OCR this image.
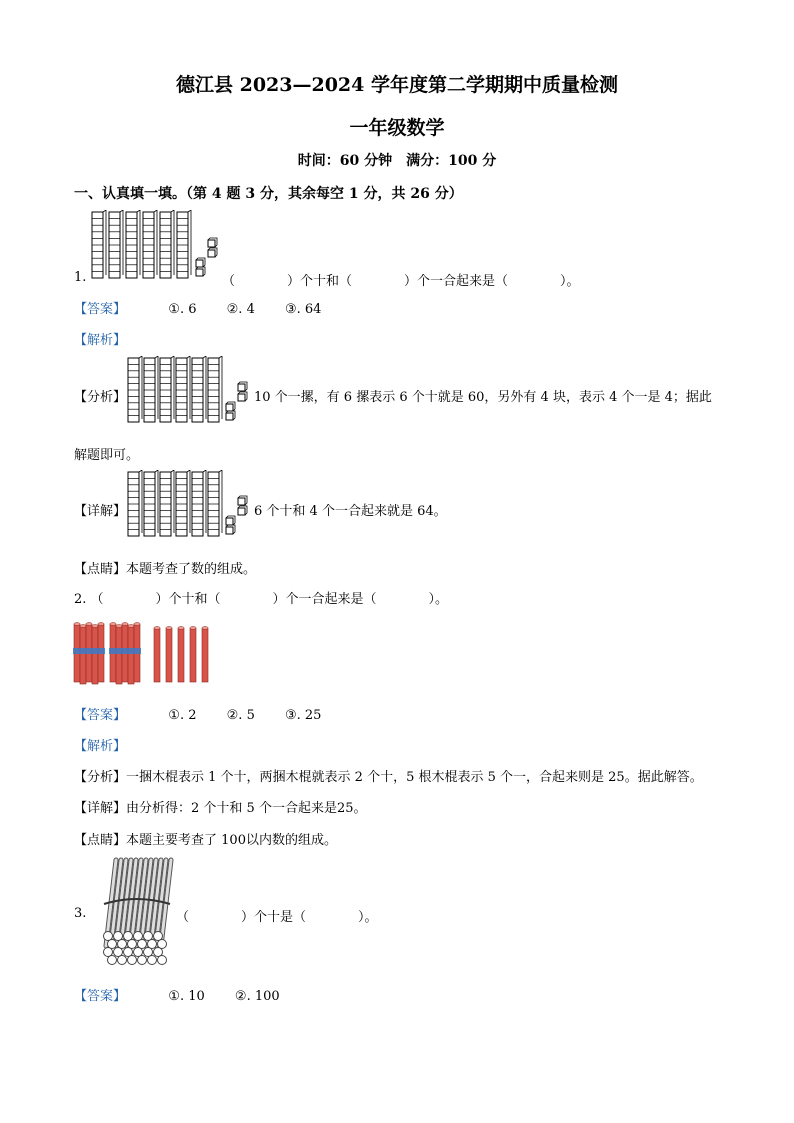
德江县 2023—2024 学年度第二学期期中质量检测
一年级数学
时间：60 分钟　满分：100 分
一、认真填一填。（第 4 题 3 分，其余每空 1 分，共 26 分）
1.	（　　　　）个十和（　　　　）个一合起来是（　　　　）。
【答案】	①. 6 ②. 4 ③. 64
【解析】
【分析】	10 个一摞，有 6 摞表示 6 个十就是 60，另外有 4 块，表示 4 个一是 4；据此
解题即可。
【详解】	6 个十和 4 个一合起来就是 64。
【点睛】本题考查了数的组成。
2. （　　　　）个十和（　　　　）个一合起来是（　　　　）。
【答案】	①. 2 ②. 5 ③. 25
【解析】
【分析】一捆木棍表示 1 个十，两捆木棍就表示 2 个十，5 根木棍表示 5 个一，合起来则是 25。据此解答。
【详解】由分析得：2 个十和 5 个一合起来是25。
【点睛】本题主要考查了 100以内数的组成。
3.	（　　　　）个十是（　　　　）。
【答案】	①. 10 ②. 100
